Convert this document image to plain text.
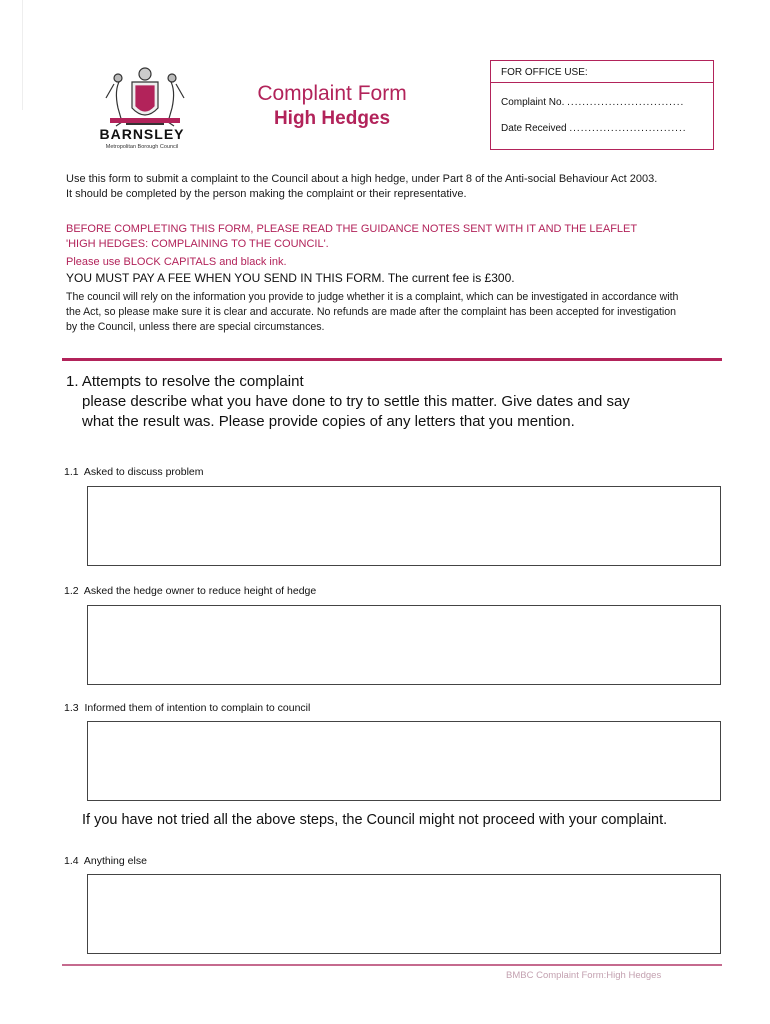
BARNSLEY
Metropolitan Borough Council
Complaint Form
High Hedges
FOR OFFICE USE:
Complaint No. ...............................
Date Received ...............................
Use this form to submit a complaint to the Council about a high hedge, under Part 8 of the Anti-social Behaviour Act 2003. It should be completed by the person making the complaint or their representative.
BEFORE COMPLETING THIS FORM, PLEASE READ THE GUIDANCE NOTES SENT WITH IT AND THE LEAFLET 'HIGH HEDGES: COMPLAINING TO THE COUNCIL'.
Please use BLOCK CAPITALS and black ink.
YOU MUST PAY A FEE WHEN YOU SEND IN THIS FORM. The current fee is £300.
The council will rely on the information you provide to judge whether it is a complaint, which can be investigated in accordance with the Act, so please make sure it is clear and accurate. No refunds are made after the complaint has been accepted for investigation by the Council, unless there are special circumstances.
1. Attempts to resolve the complaint
please describe what you have done to try to settle this matter. Give dates and say what the result was. Please provide copies of any letters that you mention.
1.1 Asked to discuss problem
1.2 Asked the hedge owner to reduce height of hedge
1.3 Informed them of intention to complain to council
If you have not tried all the above steps, the Council might not proceed with your complaint.
1.4 Anything else
BMBC Complaint Form:High Hedges
